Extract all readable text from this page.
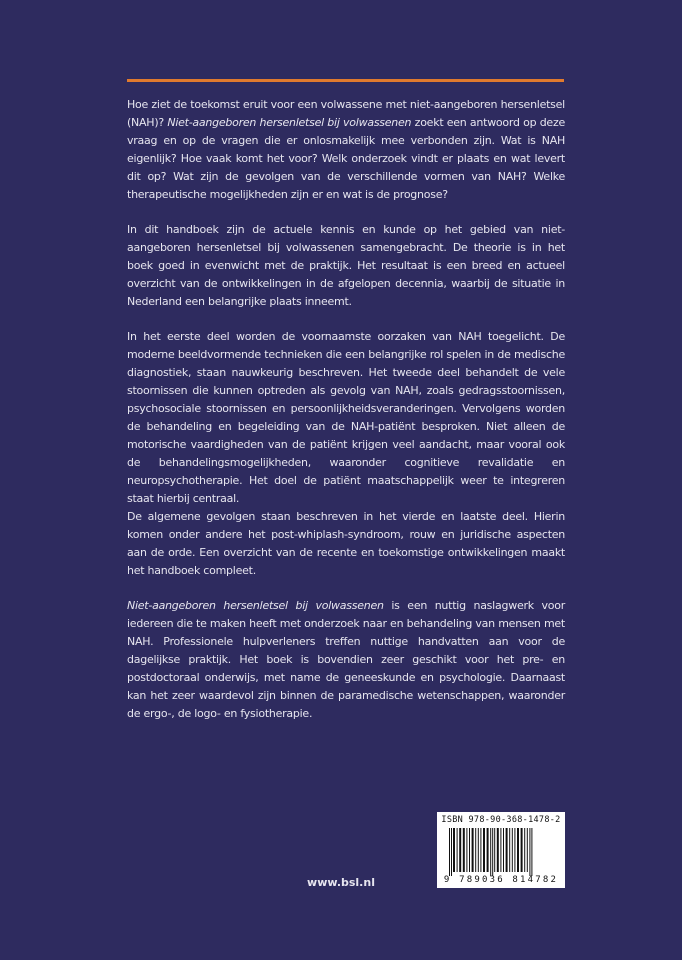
Hoe ziet de toekomst eruit voor een volwassene met niet-aangeboren hersenletsel (NAH)? Niet-aangeboren hersenletsel bij volwassenen zoekt een antwoord op deze vraag en op de vragen die er onlosmakelijk mee verbonden zijn. Wat is NAH eigenlijk? Hoe vaak komt het voor? Welk onderzoek vindt er plaats en wat levert dit op? Wat zijn de gevolgen van de verschillende vormen van NAH? Welke therapeutische mogelijkheden zijn er en wat is de prognose?

In dit handboek zijn de actuele kennis en kunde op het gebied van niet-aangeboren hersenletsel bij volwassenen samengebracht. De theorie is in het boek goed in evenwicht met de praktijk. Het resultaat is een breed en actueel overzicht van de ontwikkelingen in de afgelopen decennia, waarbij de situatie in Nederland een belangrijke plaats inneemt.

In het eerste deel worden de voornaamste oorzaken van NAH toegelicht. De moderne beeldvormende technieken die een belangrijke rol spelen in de medische diagnostiek, staan nauwkeurig beschreven. Het tweede deel behandelt de vele stoornissen die kunnen optreden als gevolg van NAH, zoals gedragsstoornissen, psychosociale stoornissen en persoonlijkheidsveranderingen. Vervolgens worden de behandeling en begeleiding van de NAH-patiënt besproken. Niet alleen de motorische vaardigheden van de patiënt krijgen veel aandacht, maar vooral ook de behandelingsmogelijkheden, waaronder cognitieve revalidatie en neuropsychotherapie. Het doel de patiënt maatschappelijk weer te integreren staat hierbij centraal.

De algemene gevolgen staan beschreven in het vierde en laatste deel. Hierin komen onder andere het post-whiplash-syndroom, rouw en juridische aspecten aan de orde. Een overzicht van de recente en toekomstige ontwikkelingen maakt het handboek compleet.

Niet-aangeboren hersenletsel bij volwassenen is een nuttig naslagwerk voor iedereen die te maken heeft met onderzoek naar en behandeling van mensen met NAH. Professionele hulpverleners treffen nuttige handvatten aan voor de dagelijkse praktijk. Het boek is bovendien zeer geschikt voor het pre- en postdoctoraal onderwijs, met name de geneeskunde en psychologie. Daarnaast kan het zeer waardevol zijn binnen de paramedische wetenschappen, waaronder de ergo-, de logo- en fysiotherapie.

ISBN 978-90-368-1478-2
9 789036 814782
www.bsl.nl
